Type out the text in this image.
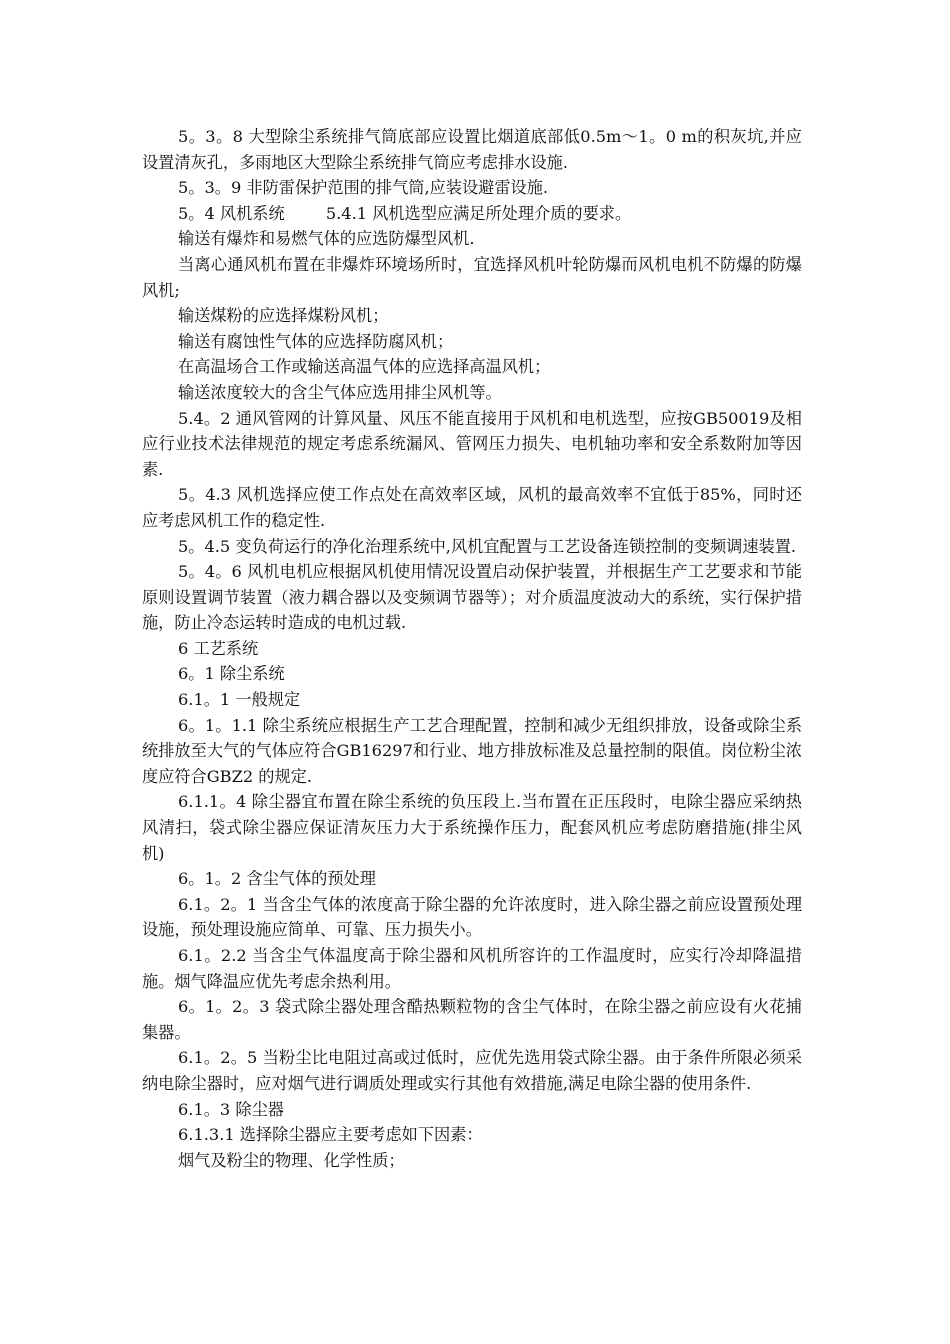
5。3。8 大型除尘系统排气筒底部应设置比烟道底部低0.5m～1。0 m的积灰坑,并应设置清灰孔，多雨地区大型除尘系统排气筒应考虑排水设施.

5。3。9 非防雷保护范围的排气筒,应装设避雷设施.

5。4 风机系统        5.4.1 风机选型应满足所处理介质的要求。

输送有爆炸和易燃气体的应选防爆型风机.

当离心通风机布置在非爆炸环境场所时，宜选择风机叶轮防爆而风机电机不防爆的防爆风机;

输送煤粉的应选择煤粉风机；

输送有腐蚀性气体的应选择防腐风机；

在高温场合工作或输送高温气体的应选择高温风机；

输送浓度较大的含尘气体应选用排尘风机等。

5.4。2 通风管网的计算风量、风压不能直接用于风机和电机选型，应按GB50019及相应行业技术法律规范的规定考虑系统漏风、管网压力损失、电机轴功率和安全系数附加等因素.

5。4.3 风机选择应使工作点处在高效率区域，风机的最高效率不宜低于85%，同时还应考虑风机工作的稳定性.

5。4.5 变负荷运行的净化治理系统中,风机宜配置与工艺设备连锁控制的变频调速装置.

5。4。6 风机电机应根据风机使用情况设置启动保护装置，并根据生产工艺要求和节能原则设置调节装置（液力耦合器以及变频调节器等）；对介质温度波动大的系统，实行保护措施，防止冷态运转时造成的电机过载.

6 工艺系统

6。1 除尘系统

6.1。1 一般规定

6。1。1.1 除尘系统应根据生产工艺合理配置，控制和减少无组织排放，设备或除尘系统排放至大气的气体应符合GB16297和行业、地方排放标准及总量控制的限值。岗位粉尘浓度应符合GBZ2 的规定.

6.1.1。4 除尘器宜布置在除尘系统的负压段上.当布置在正压段时，电除尘器应采纳热风清扫，袋式除尘器应保证清灰压力大于系统操作压力，配套风机应考虑防磨措施(排尘风机)

6。1。2 含尘气体的预处理

6.1。2。1 当含尘气体的浓度高于除尘器的允许浓度时，进入除尘器之前应设置预处理设施，预处理设施应简单、可靠、压力损失小。

6.1。2.2 当含尘气体温度高于除尘器和风机所容许的工作温度时，应实行冷却降温措施。烟气降温应优先考虑余热利用。

6。1。2。3 袋式除尘器处理含酷热颗粒物的含尘气体时，在除尘器之前应设有火花捕集器。

6.1。2。5 当粉尘比电阻过高或过低时，应优先选用袋式除尘器。由于条件所限必须采纳电除尘器时，应对烟气进行调质处理或实行其他有效措施,满足电除尘器的使用条件.

6.1。3 除尘器

6.1.3.1 选择除尘器应主要考虑如下因素：

烟气及粉尘的物理、化学性质；
